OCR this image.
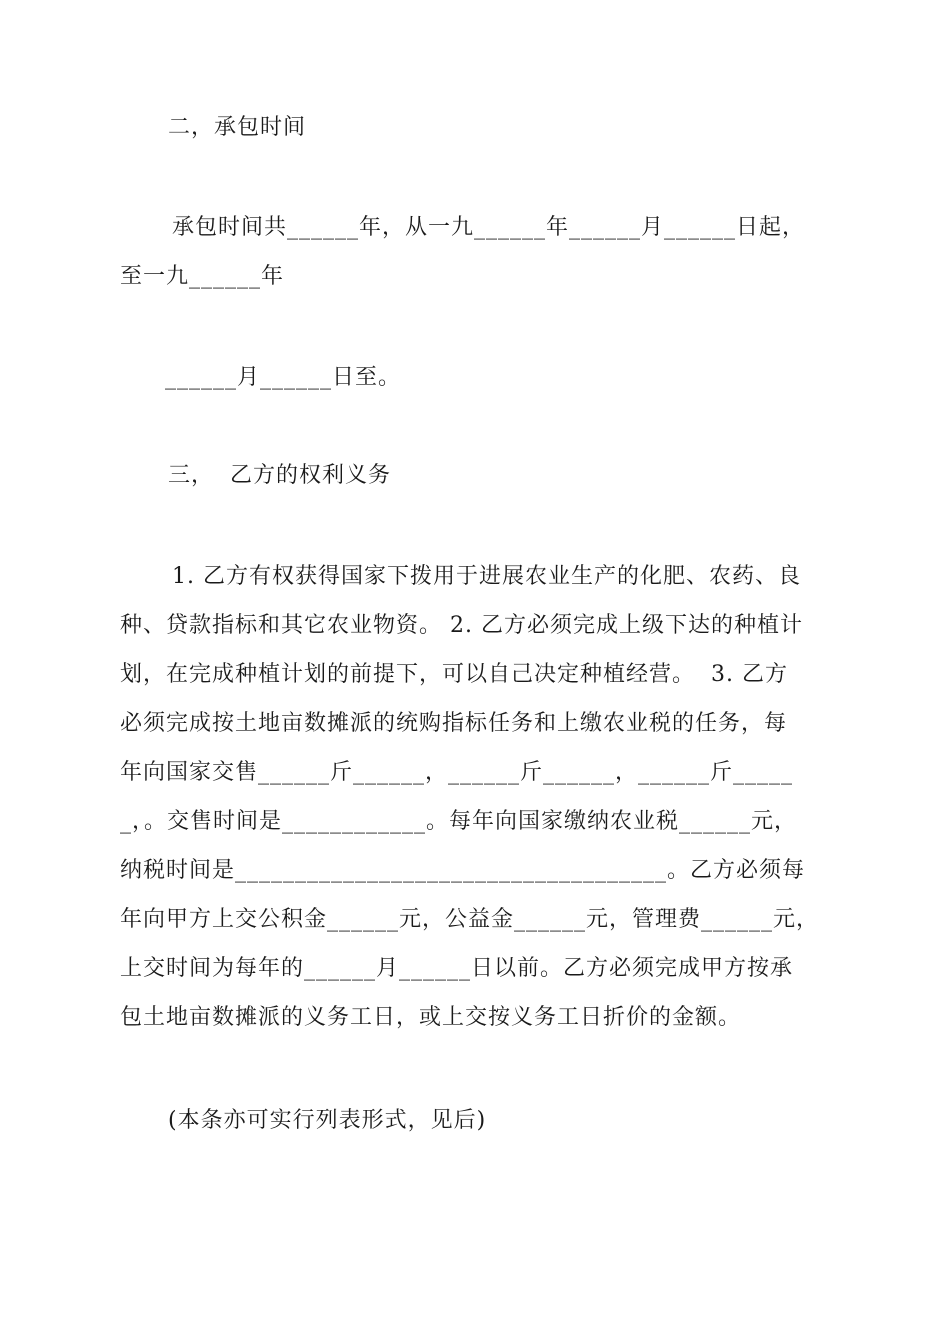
二，承包时间
承包时间共______年，从一九______年______月______日起，
至一九______年
______月______日至。
三，  乙方的权利义务
1. 乙方有权获得国家下拨用于进展农业生产的化肥、农药、良
种、贷款指标和其它农业物资。 2. 乙方必须完成上级下达的种植计
划，在完成种植计划的前提下，可以自己决定种植经营。  3. 乙方
必须完成按土地亩数摊派的统购指标任务和上缴农业税的任务，每
年向国家交售______斤______，______斤______，______斤_____
_，。交售时间是____________。每年向国家缴纳农业税______元，
纳税时间是____________________________________。乙方必须每
年向甲方上交公积金______元，公益金______元，管理费______元，
上交时间为每年的______月______日以前。乙方必须完成甲方按承
包土地亩数摊派的义务工日，或上交按义务工日折价的金额。
(本条亦可实行列表形式，见后)
